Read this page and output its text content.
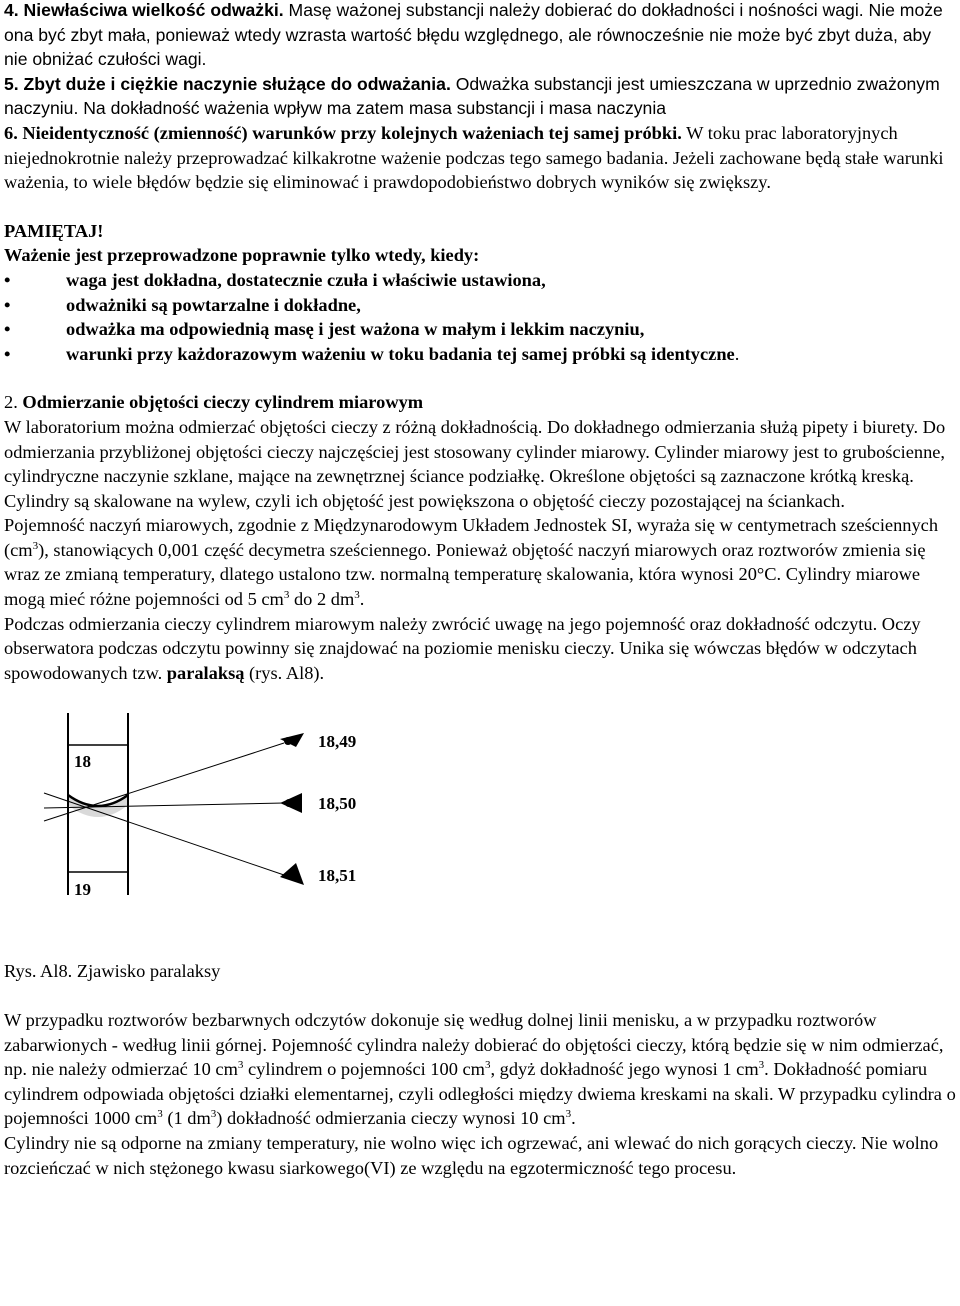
4. Niewłaściwa wielkość odważki. Masę ważonej substancji należy dobierać do dokładności i nośności wagi. Nie może ona być zbyt mała, ponieważ wtedy wzrasta wartość błędu względnego, ale równocześnie nie może być zbyt duża, aby nie obniżać czułości wagi.

5. Zbyt duże i ciężkie naczynie służące do odważania. Odważka substancji jest umieszczana w uprzednio zważonym naczyniu. Na dokładność ważenia wpływ ma zatem masa substancji i masa naczynia

6. Nieidentyczność (zmienność) warunków przy kolejnych ważeniach tej samej próbki. W toku prac laboratoryjnych niejednokrotnie należy przeprowadzać kilkakrotne ważenie podczas tego samego badania. Jeżeli zachowane będą stałe warunki ważenia, to wiele błędów będzie się eliminować i prawdopodobieństwo dobrych wyników się zwiększy.

PAMIĘTAJ!

Ważenie jest przeprowadzone poprawnie tylko wtedy, kiedy:

•	waga jest dokładna, dostatecznie czuła i właściwie ustawiona,
•	odważniki są powtarzalne i dokładne,
•	odważka ma odpowiednią masę i jest ważona w małym i lekkim naczyniu,
•	warunki przy każdorazowym ważeniu w toku badania tej samej próbki są identyczne.

2. Odmierzanie objętości cieczy cylindrem miarowym

W laboratorium można odmierzać objętości cieczy z różną dokładnością. Do dokładnego odmierzania służą pipety i biurety. Do odmierzania przybliżonej objętości cieczy najczęściej jest stosowany cylinder miarowy. Cylinder miarowy jest to grubościenne, cylindryczne naczynie szklane, mające na zewnętrznej ściance podziałkę. Określone objętości są zaznaczone krótką kreską. Cylindry są skalowane na wylew, czyli ich objętość jest powiększona o objętość cieczy pozostającej na ściankach.

Pojemność naczyń miarowych, zgodnie z Międzynarodowym Układem Jednostek SI, wyraża się w centymetrach sześciennych $(cm^3)$, stanowiących 0,001 część decymetra sześciennego. Ponieważ objętość naczyń miarowych oraz roztworów zmienia się wraz ze zmianą temperatury, dlatego ustalono tzw. normalną temperaturę skalowania, która wynosi 20°C. Cylindry miarowe mogą mieć różne pojemności od 5 $cm^3$ do 2 $dm^3$.

Podczas odmierzania cieczy cylindrem miarowym należy zwrócić uwagę na jego pojemność oraz dokładność odczytu. Oczy obserwatora podczas odczytu powinny się znajdować na poziomie menisku cieczy. Unika się wówczas błędów w odczytach spowodowanych tzw. paralaksą (rys. Al8).

18
19
18,49
18,50
18,51

Rys. Al8. Zjawisko paralaksy

W przypadku roztworów bezbarwnych odczytów dokonuje się według dolnej linii menisku, a w przypadku roztworów zabarwionych - według linii górnej. Pojemność cylindra należy dobierać do objętości cieczy, którą będzie się w nim odmierzać, np. nie należy odmierzać 10 $cm^3$ cylindrem o pojemności 100 $cm^3$, gdyż dokładność jego wynosi 1 $cm^3$. Dokładność pomiaru cylindrem odpowiada objętości działki elementarnej, czyli odległości między dwiema kreskami na skali. W przypadku cylindra o pojemności 1000 $cm^3$ (1 $dm^3$) dokładność odmierzania cieczy wynosi 10 $cm^3$.

Cylindry nie są odporne na zmiany temperatury, nie wolno więc ich ogrzewać, ani wlewać do nich gorących cieczy. Nie wolno rozcieńczać w nich stężonego kwasu siarkowego(VI) ze względu na egzotermiczność tego procesu.
